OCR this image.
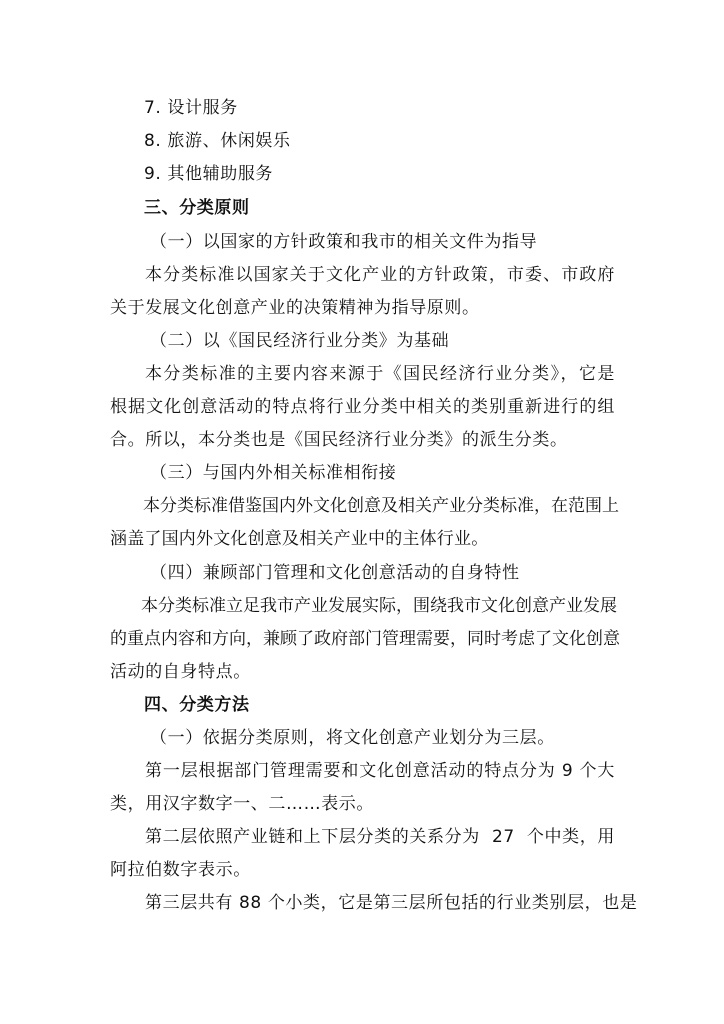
7. 设计服务
8. 旅游、休闲娱乐
9. 其他辅助服务
三、分类原则
（一）以国家的方针政策和我市的相关文件为指导
本分类标准以国家关于文化产业的方针政策，市委、市政府
关于发展文化创意产业的决策精神为指导原则。
（二）以《国民经济行业分类》为基础
本分类标准的主要内容来源于《国民经济行业分类》，它是
根据文化创意活动的特点将行业分类中相关的类别重新进行的组
合。所以，本分类也是《国民经济行业分类》的派生分类。
（三）与国内外相关标准相衔接
本分类标准借鉴国内外文化创意及相关产业分类标准，在范围上
涵盖了国内外文化创意及相关产业中的主体行业。
（四）兼顾部门管理和文化创意活动的自身特性
本分类标准立足我市产业发展实际，围绕我市文化创意产业发展
的重点内容和方向，兼顾了政府部门管理需要，同时考虑了文化创意
活动的自身特点。
四、分类方法
（一）依据分类原则，将文化创意产业划分为三层。
第一层根据部门管理需要和文化创意活动的特点分为 9 个大
类，用汉字数字一、二……表示。
第二层依照产业链和上下层分类的关系分为  27  个中类，用
阿拉伯数字表示。
第三层共有 88 个小类，它是第三层所包括的行业类别层，也是
